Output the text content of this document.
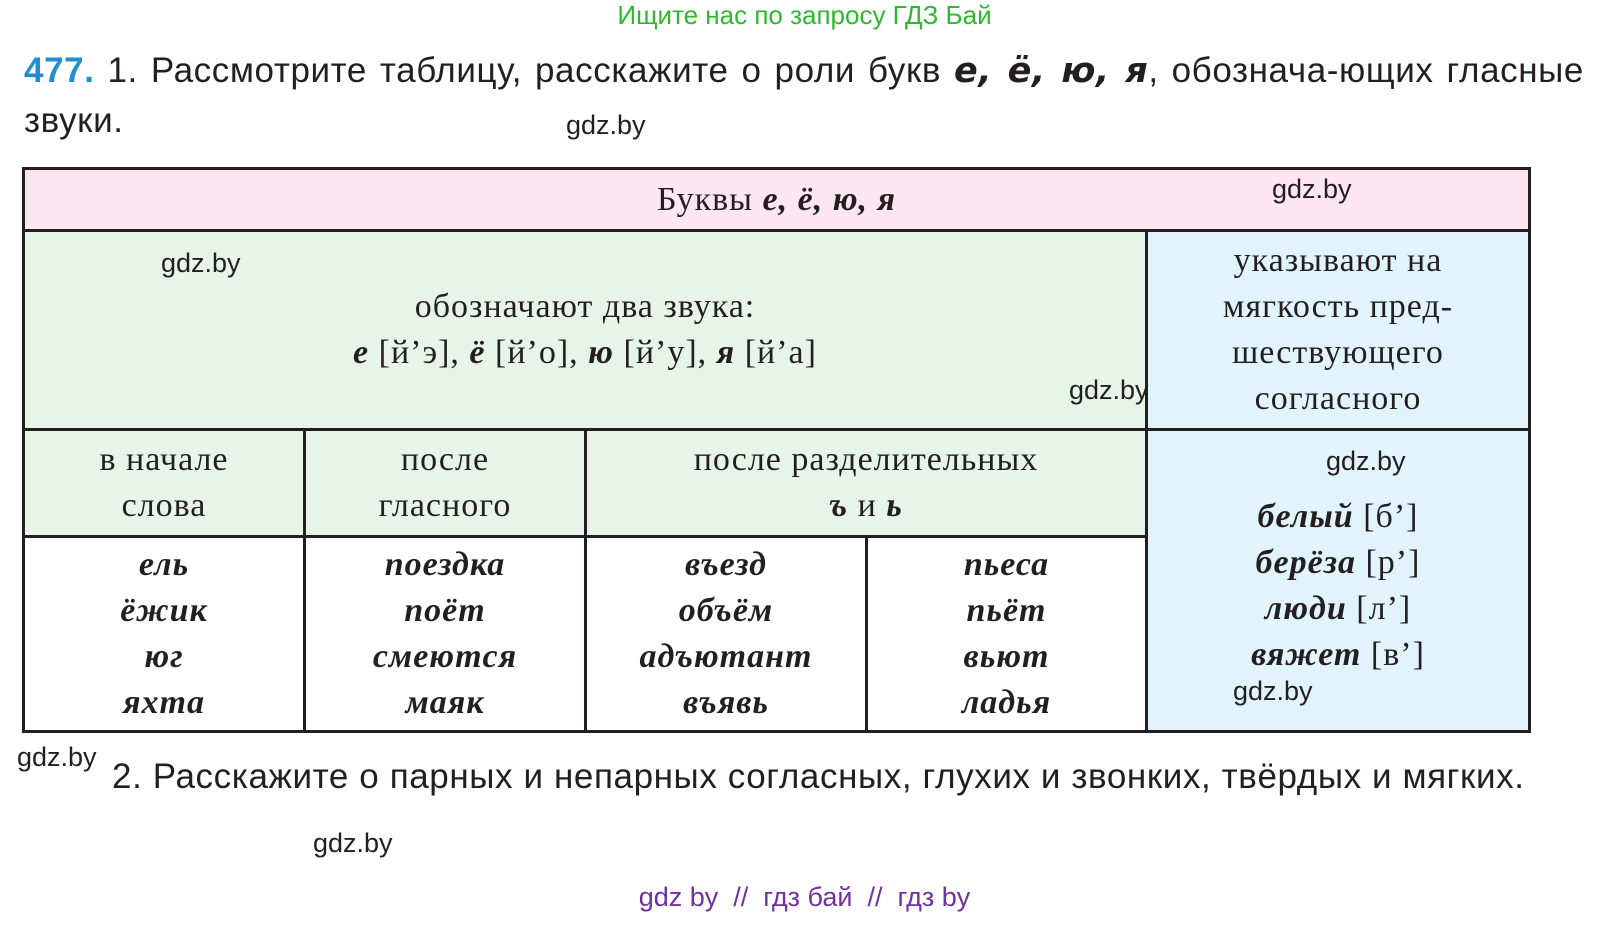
Ищите нас по запросу ГДЗ Бай
477. 1. Рассмотрите таблицу, расскажите о роли букв е, ё, ю, я, обознача-ющих гласные звуки.
Буквы е, ё, ю, я
обозначают два звука:
е [й’э], ё [й’о], ю [й’у], я [й’а]
указывают на
мягкость пред-
шествующего
согласного
в начале
слова
после
гласного
после разделительных
ъ и ь	белый [б’]
берёза [р’]
люди [л’]
вяжет [в’]
ель
ёжик
юг
яхта
поездка
поёт
смеются
маяк
въезд
объём
адъютант
въявь
пьеса
пьёт
вьют
ладья
2. Расскажите о парных и непарных согласных, глухих и звонких, твёрдых и мягких.
gdz.by
gdz.by
gdz.by
gdz.by
gdz.by
gdz.by
gdz.by
gdz.by
gdz by  //  гдз бай  //  гдз by
